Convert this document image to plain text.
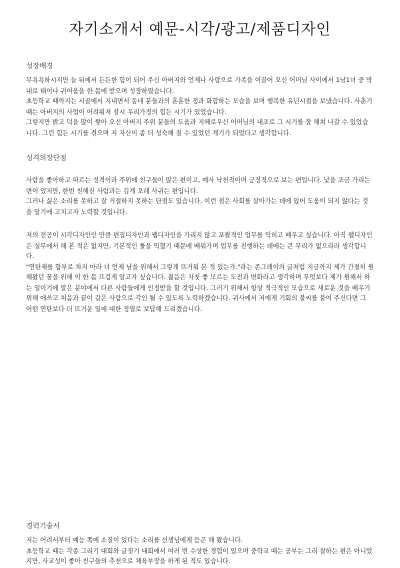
자기소개서 예문-시각/광고/제품디자인
성장배경

무욕욕하시지만 늘 뒤에서 든든한 힘이 되어 주신 아버지와 언제나 사랑으로 가족을 이끌어 오신 어머님 사이에서 1남1녀 중 막내로 태어나 귀여움을 한 몸에 받으며 성장하였습니다.

초등학교 때까지는 시골에서 지내면서 동네 분들과의 훈훈한 정과 화합하는 모습을 보며 행복한 유년시절을 보냈습니다. 사춘기 때는 아버지의 사업이 어려워져 잠시 우리가정의 힘든 시기가 있었습니다.

그렇지만 밝고 덕을 많이 쌓아 오신 아버지 주위 분들의 도움과 지혜로우신 어머님의 내조로 그 시기를 잘 해쳐 나갈 수 있었습니다. 그런 힘든 시기를 겪으며 저 자신이 좀 더 성숙해 질 수 있었던 계기가 되었다고 생각합니다.

성격의장단점

사람을 좋아하고 따르는 성격이라 주위에 친구들이 많은 편이고, 매사 낙천적이며 긍정적으로 보는 편입니다. 낯을 조금 가리는 면이 있지만, 한번 친해진 사람과는 깊게 오래 사귀는 편입니다.

그러나 싫은 소리를 못하고 잘 거절하지 못하는 단점도 있습니다. 이런 점은 사회를 살아가는 데에 있어 도움이 되지 않다는 것을 알기에 고치고자 노력할 것입니다.

저의 전공이 시각디자인인 만큼 편집디자인과 웹디자인을 가리지 않고 포괄적인 업무를 익히고 배우고 싶습니다. 아직 웹디자인은 실무에서 해 본 적은 없지만, 기본적인 툴을 익혔기 때문에 배워가며 업무를 진행하는 데에는 큰 무리가 없으리라 생각합니다.

"연탄재를 함부로 차지 마라 너 언제 남을 위해서 그렇게 뜨거워 본 적 있는가."라는 존그레이의 글처럼 지금까지 제가 간절히 원해왔던 꿈을 위해 이 한 몸 뜨겁게 알고자 싶습니다. 젊음은 자칫 좋 모르는 도전과 변화라고 생각하며 무엇보다 제가 원해서 하는 일이기에 말은 분야에서 다른 사람들에게 인정받을 할 것입니다. 그러기 위해서 항상 적극적인 모습으로 새로운 것을 배우기 위해 애쓰고 처음과 끝이 같은 사람으로 각인 될 수 있도록 노력하겠습니다. 귀사에서 저에게 기회의 불씨를 붙여 주신다면 그 어떤 연탄보다 더 뜨거운 일에 대한 정열로 보답해 드리겠습니다.

경력기술서

저는 어려서부터 예능 쪽에 소질이 있다는 소리를 선생님에게 듣곤 해 왔습니다.

초등학교 때는 각종 그리기 대회와 글짓기 대회에서 여러 번 수상한 경험이 있으며 중학교 때는 공부는 그리 잘하는 편은 아니었지만, 사교성이 좋아 친구들의 추천으로 체육부장을 하게 된 적도 있습니다.
